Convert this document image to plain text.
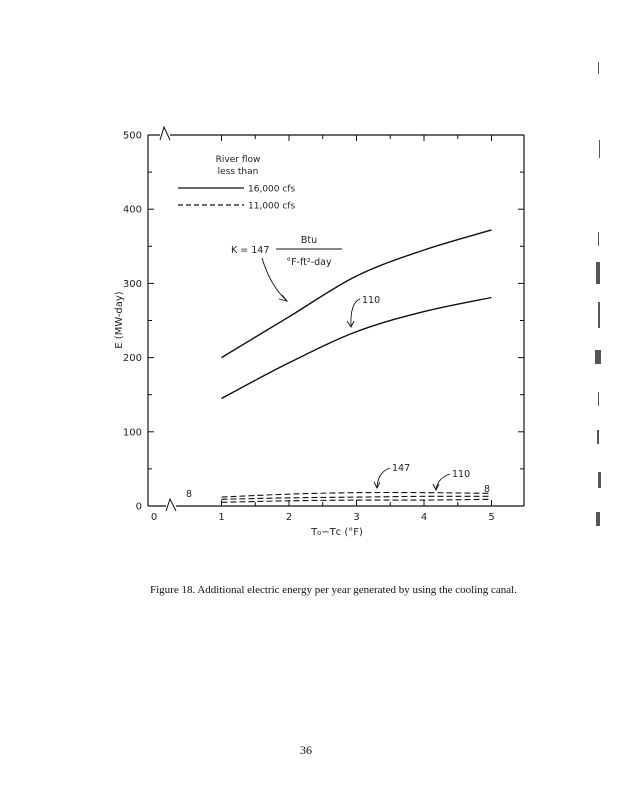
0
100
200
300
400
500
0	1	2	3	4	5
T₀−Tᴄ (°F)
E (MW-day)
River flow
less than
16,000 cfs
11,000 cfs
K = 147
Btu
°F-ft²-day
110
147
110
8	8
Figure 18. Additional electric energy per year generated by using the cooling canal.
36
